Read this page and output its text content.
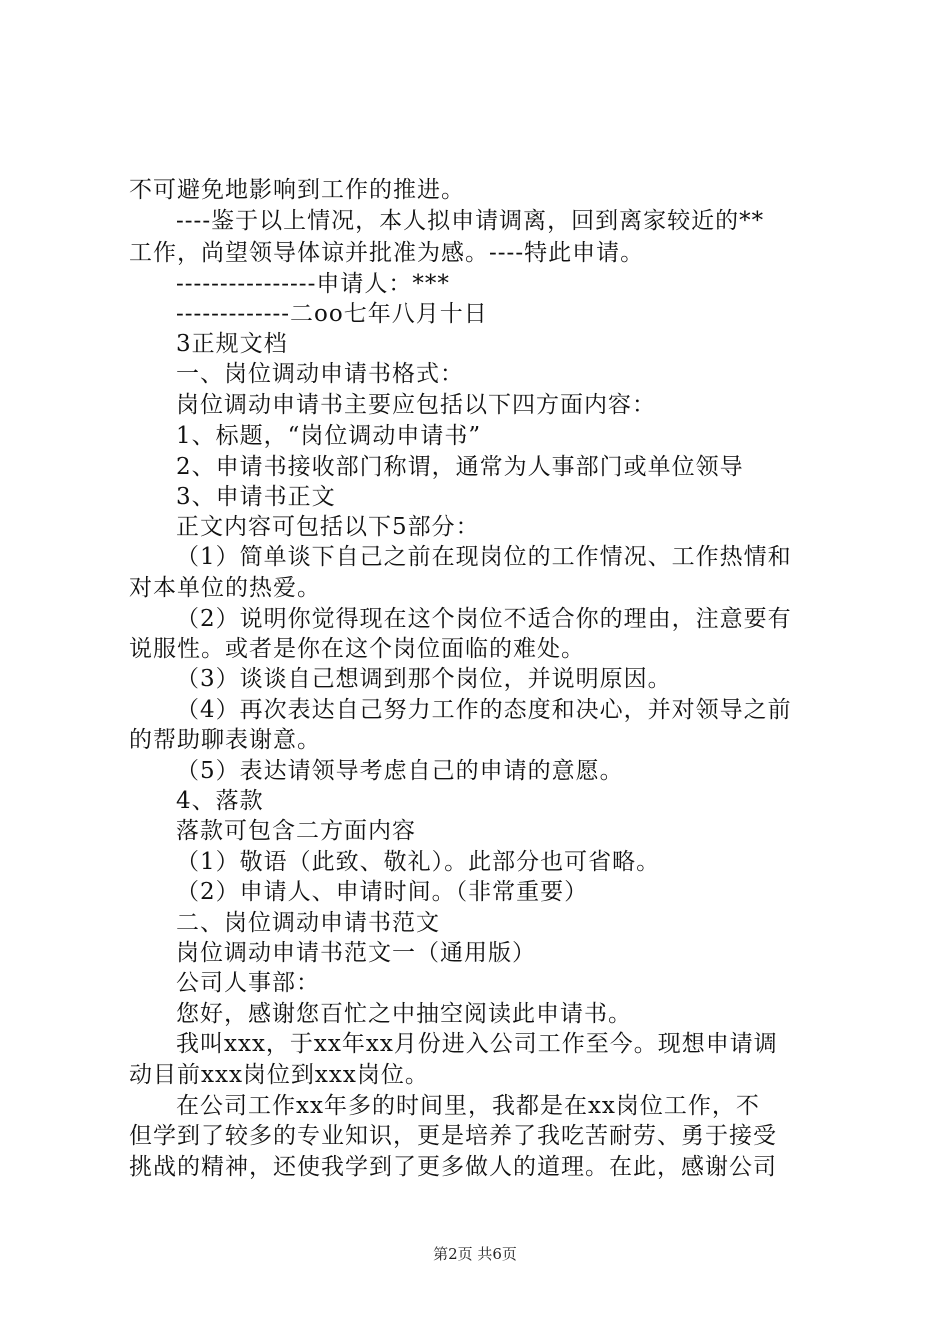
不可避免地影响到工作的推进。
----鉴于以上情况，本人拟申请调离，回到离家较近的**
工作，尚望领导体谅并批准为感。----特此申请。
----------------申请人：***
-------------二oo七年八月十日
3正规文档
一、岗位调动申请书格式：
岗位调动申请书主要应包括以下四方面内容：
1、标题，“岗位调动申请书”
2、申请书接收部门称谓，通常为人事部门或单位领导
3、申请书正文
正文内容可包括以下5部分：
（1）简单谈下自己之前在现岗位的工作情况、工作热情和
对本单位的热爱。
（2）说明你觉得现在这个岗位不适合你的理由，注意要有
说服性。或者是你在这个岗位面临的难处。
（3）谈谈自己想调到那个岗位，并说明原因。
（4）再次表达自己努力工作的态度和决心，并对领导之前
的帮助聊表谢意。
（5）表达请领导考虑自己的申请的意愿。
4、落款
落款可包含二方面内容
（1）敬语（此致、敬礼）。此部分也可省略。
（2）申请人、申请时间。（非常重要）
二、岗位调动申请书范文
岗位调动申请书范文一（通用版）
公司人事部：
您好，感谢您百忙之中抽空阅读此申请书。
我叫xxx，于xx年xx月份进入公司工作至今。现想申请调
动目前xxx岗位到xxx岗位。
在公司工作xx年多的时间里，我都是在xx岗位工作，不
但学到了较多的专业知识，更是培养了我吃苦耐劳、勇于接受
挑战的精神，还使我学到了更多做人的道理。在此，感谢公司
第2页 共6页
